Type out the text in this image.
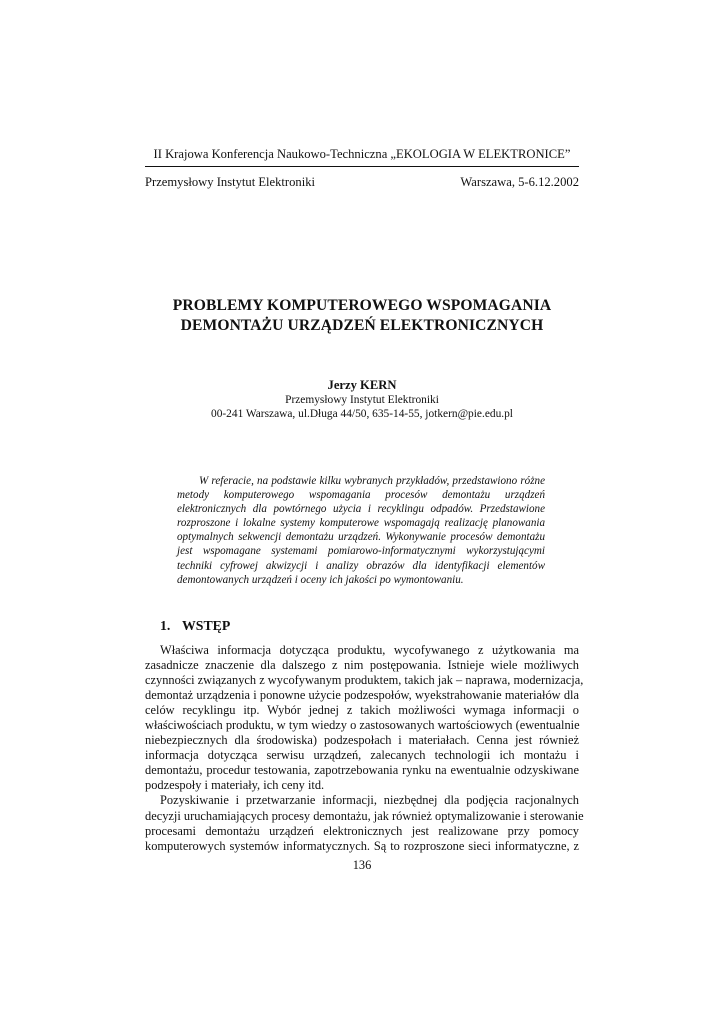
II Krajowa Konferencja Naukowo-Techniczna „EKOLOGIA W ELEKTRONICE”
Przemysłowy Instytut Elektroniki	Warszawa, 5-6.12.2002
PROBLEMY KOMPUTEROWEGO WSPOMAGANIA
DEMONTAŻU URZĄDZEŃ ELEKTRONICZNYCH
Jerzy KERN
Przemysłowy Instytut Elektroniki
00-241 Warszawa, ul.Długa 44/50, 635-14-55, jotkern@pie.edu.pl
W referacie, na podstawie kilku wybranych przykładów, przedstawiono różne
metody komputerowego wspomagania procesów demontażu urządzeń
elektronicznych dla powtórnego użycia i recyklingu odpadów. Przedstawione
rozproszone i lokalne systemy komputerowe wspomagają realizację planowania
optymalnych sekwencji demontażu urządzeń. Wykonywanie procesów demontażu
jest wspomagane systemami pomiarowo-informatycznymi wykorzystującymi
techniki cyfrowej akwizycji i analizy obrazów dla identyfikacji elementów
demontowanych urządzeń i oceny ich jakości po wymontowaniu.
1. WSTĘP
Właściwa informacja dotycząca produktu, wycofywanego z użytkowania ma
zasadnicze znaczenie dla dalszego z nim postępowania. Istnieje wiele możliwych
czynności związanych z wycofywanym produktem, takich jak – naprawa, modernizacja,
demontaż urządzenia i ponowne użycie podzespołów, wyekstrahowanie materiałów dla
celów recyklingu itp. Wybór jednej z takich możliwości wymaga informacji o
właściwościach produktu, w tym wiedzy o zastosowanych wartościowych (ewentualnie
niebezpiecznych dla środowiska) podzespołach i materiałach. Cenna jest również
informacja dotycząca serwisu urządzeń, zalecanych technologii ich montażu i
demontażu, procedur testowania, zapotrzebowania rynku na ewentualnie odzyskiwane
podzespoły i materiały, ich ceny itd.
Pozyskiwanie i przetwarzanie informacji, niezbędnej dla podjęcia racjonalnych
decyzji uruchamiających procesy demontażu, jak również optymalizowanie i sterowanie
procesami demontażu urządzeń elektronicznych jest realizowane przy pomocy
komputerowych systemów informatycznych. Są to rozproszone sieci informatyczne, z
136
